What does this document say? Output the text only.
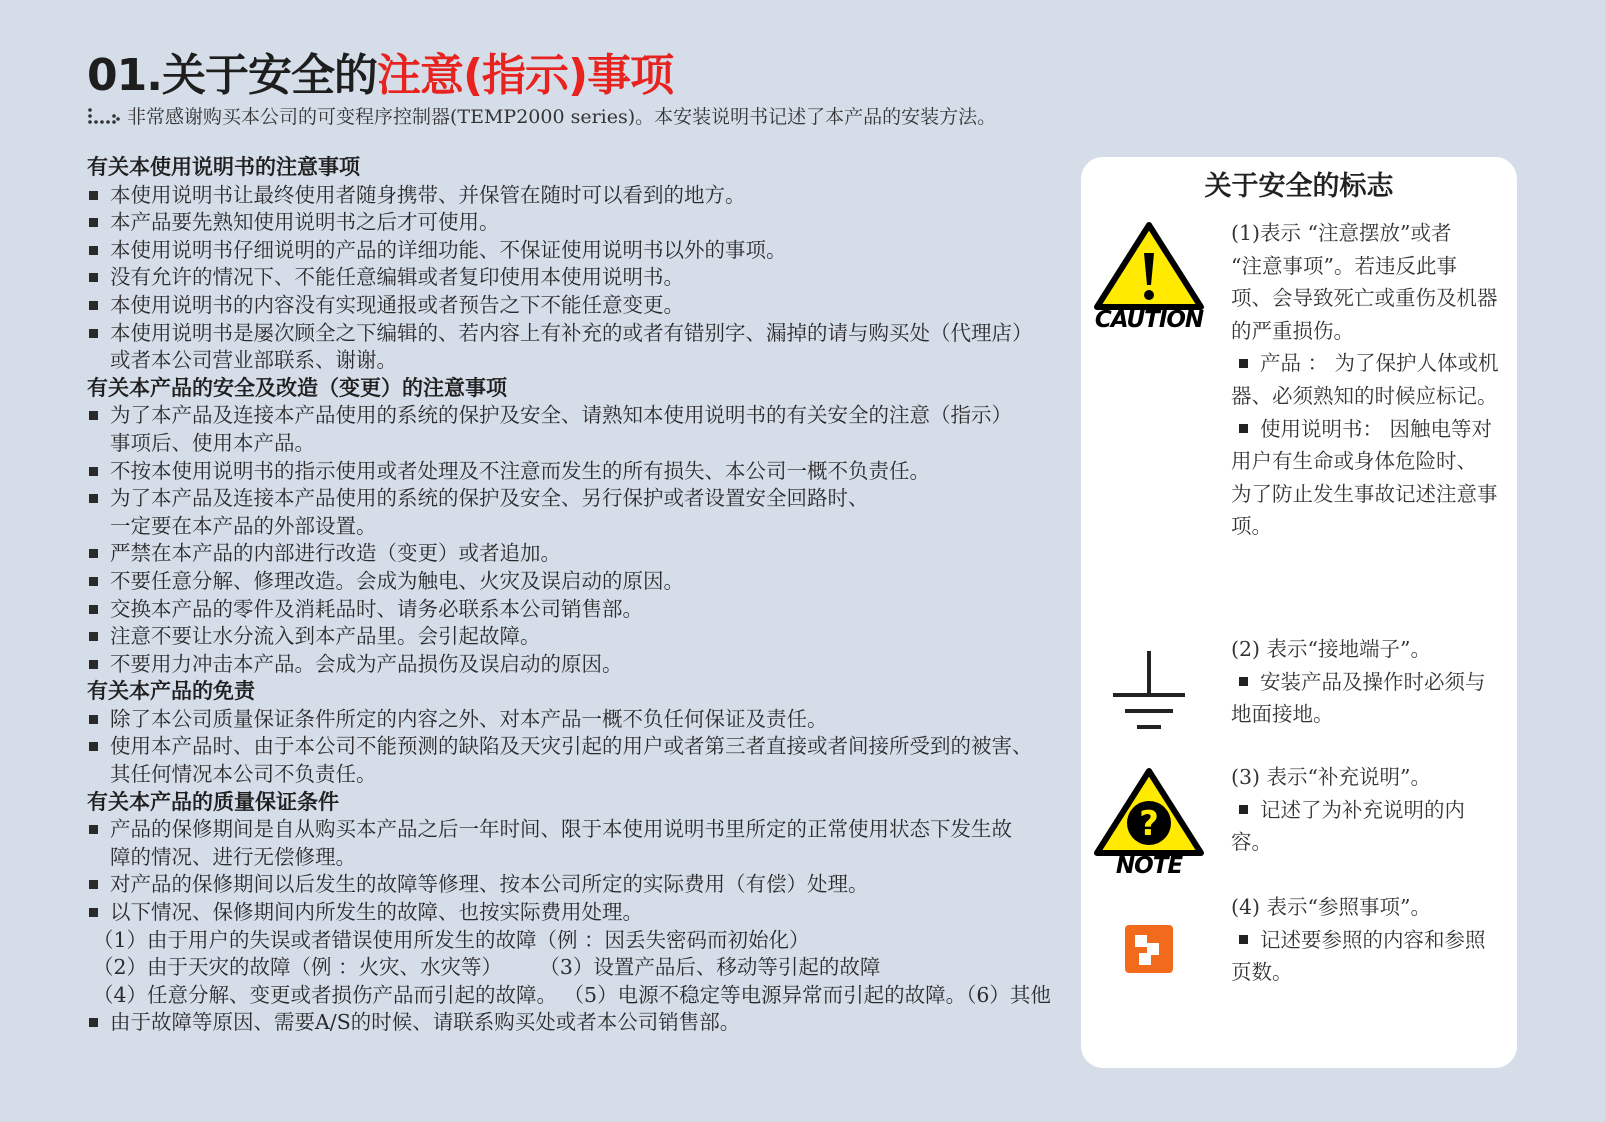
01.关于安全的注意(指示)事项
非常感谢购买本公司的可变程序控制器(TEMP2000 series)。本安装说明书记述了本产品的安装方法。
有关本使用说明书的注意事项
本使用说明书让最终使用者随身携带、并保管在随时可以看到的地方。
本产品要先熟知使用说明书之后才可使用。
本使用说明书仔细说明的产品的详细功能、不保证使用说明书以外的事项。
没有允许的情况下、不能任意编辑或者复印使用本使用说明书。
本使用说明书的内容没有实现通报或者预告之下不能任意变更。
本使用说明书是屡次顾全之下编辑的、若内容上有补充的或者有错别字、漏掉的请与购买处（代理店）
或者本公司营业部联系、谢谢。
有关本产品的安全及改造（变更）的注意事项
为了本产品及连接本产品使用的系统的保护及安全、请熟知本使用说明书的有关安全的注意（指示）
事项后、使用本产品。
不按本使用说明书的指示使用或者处理及不注意而发生的所有损失、本公司一概不负责任。
为了本产品及连接本产品使用的系统的保护及安全、另行保护或者设置安全回路时、
一定要在本产品的外部设置。
严禁在本产品的内部进行改造（变更）或者追加。
不要任意分解、修理改造。会成为触电、火灾及误启动的原因。
交换本产品的零件及消耗品时、请务必联系本公司销售部。
注意不要让水分流入到本产品里。会引起故障。
不要用力冲击本产品。会成为产品损伤及误启动的原因。
有关本产品的免责
除了本公司质量保证条件所定的内容之外、对本产品一概不负任何保证及责任。
使用本产品时、由于本公司不能预测的缺陷及天灾引起的用户或者第三者直接或者间接所受到的被害、
其任何情况本公司不负责任。
有关本产品的质量保证条件
产品的保修期间是自从购买本产品之后一年时间、限于本使用说明书里所定的正常使用状态下发生故
障的情况、进行无偿修理。
对产品的保修期间以后发生的故障等修理、按本公司所定的实际费用（有偿）处理。
以下情况、保修期间内所发生的故障、也按实际费用处理。
（1）由于用户的失误或者错误使用所发生的故障（例 ：因丢失密码而初始化）
（2）由于天灾的故障（例 ：火灾、水灾等）　　 （3）设置产品后、移动等引起的故障
（4）任意分解、变更或者损伤产品而引起的故障。 （5）电源不稳定等电源异常而引起的故障。（6）其他
由于故障等原因、需要A/S的时候、请联系购买处或者本公司销售部。
关于安全的标志
CAUTION
(1)表示 “注意摆放”或者
“注意事项”。若违反此事
项、会导致死亡或重伤及机器
的严重损伤。
产品 ： 为了保护人体或机
器、必须熟知的时候应标记。
使用说明书： 因触电等对
用户有生命或身体危险时、
为了防止发生事故记述注意事
项。
(2) 表示“接地端子”。
安装产品及操作时必须与
地面接地。
?
NOTE
(3) 表示“补充说明”。
记述了为补充说明的内
容。
(4) 表示“参照事项”。
记述要参照的内容和参照
页数。
